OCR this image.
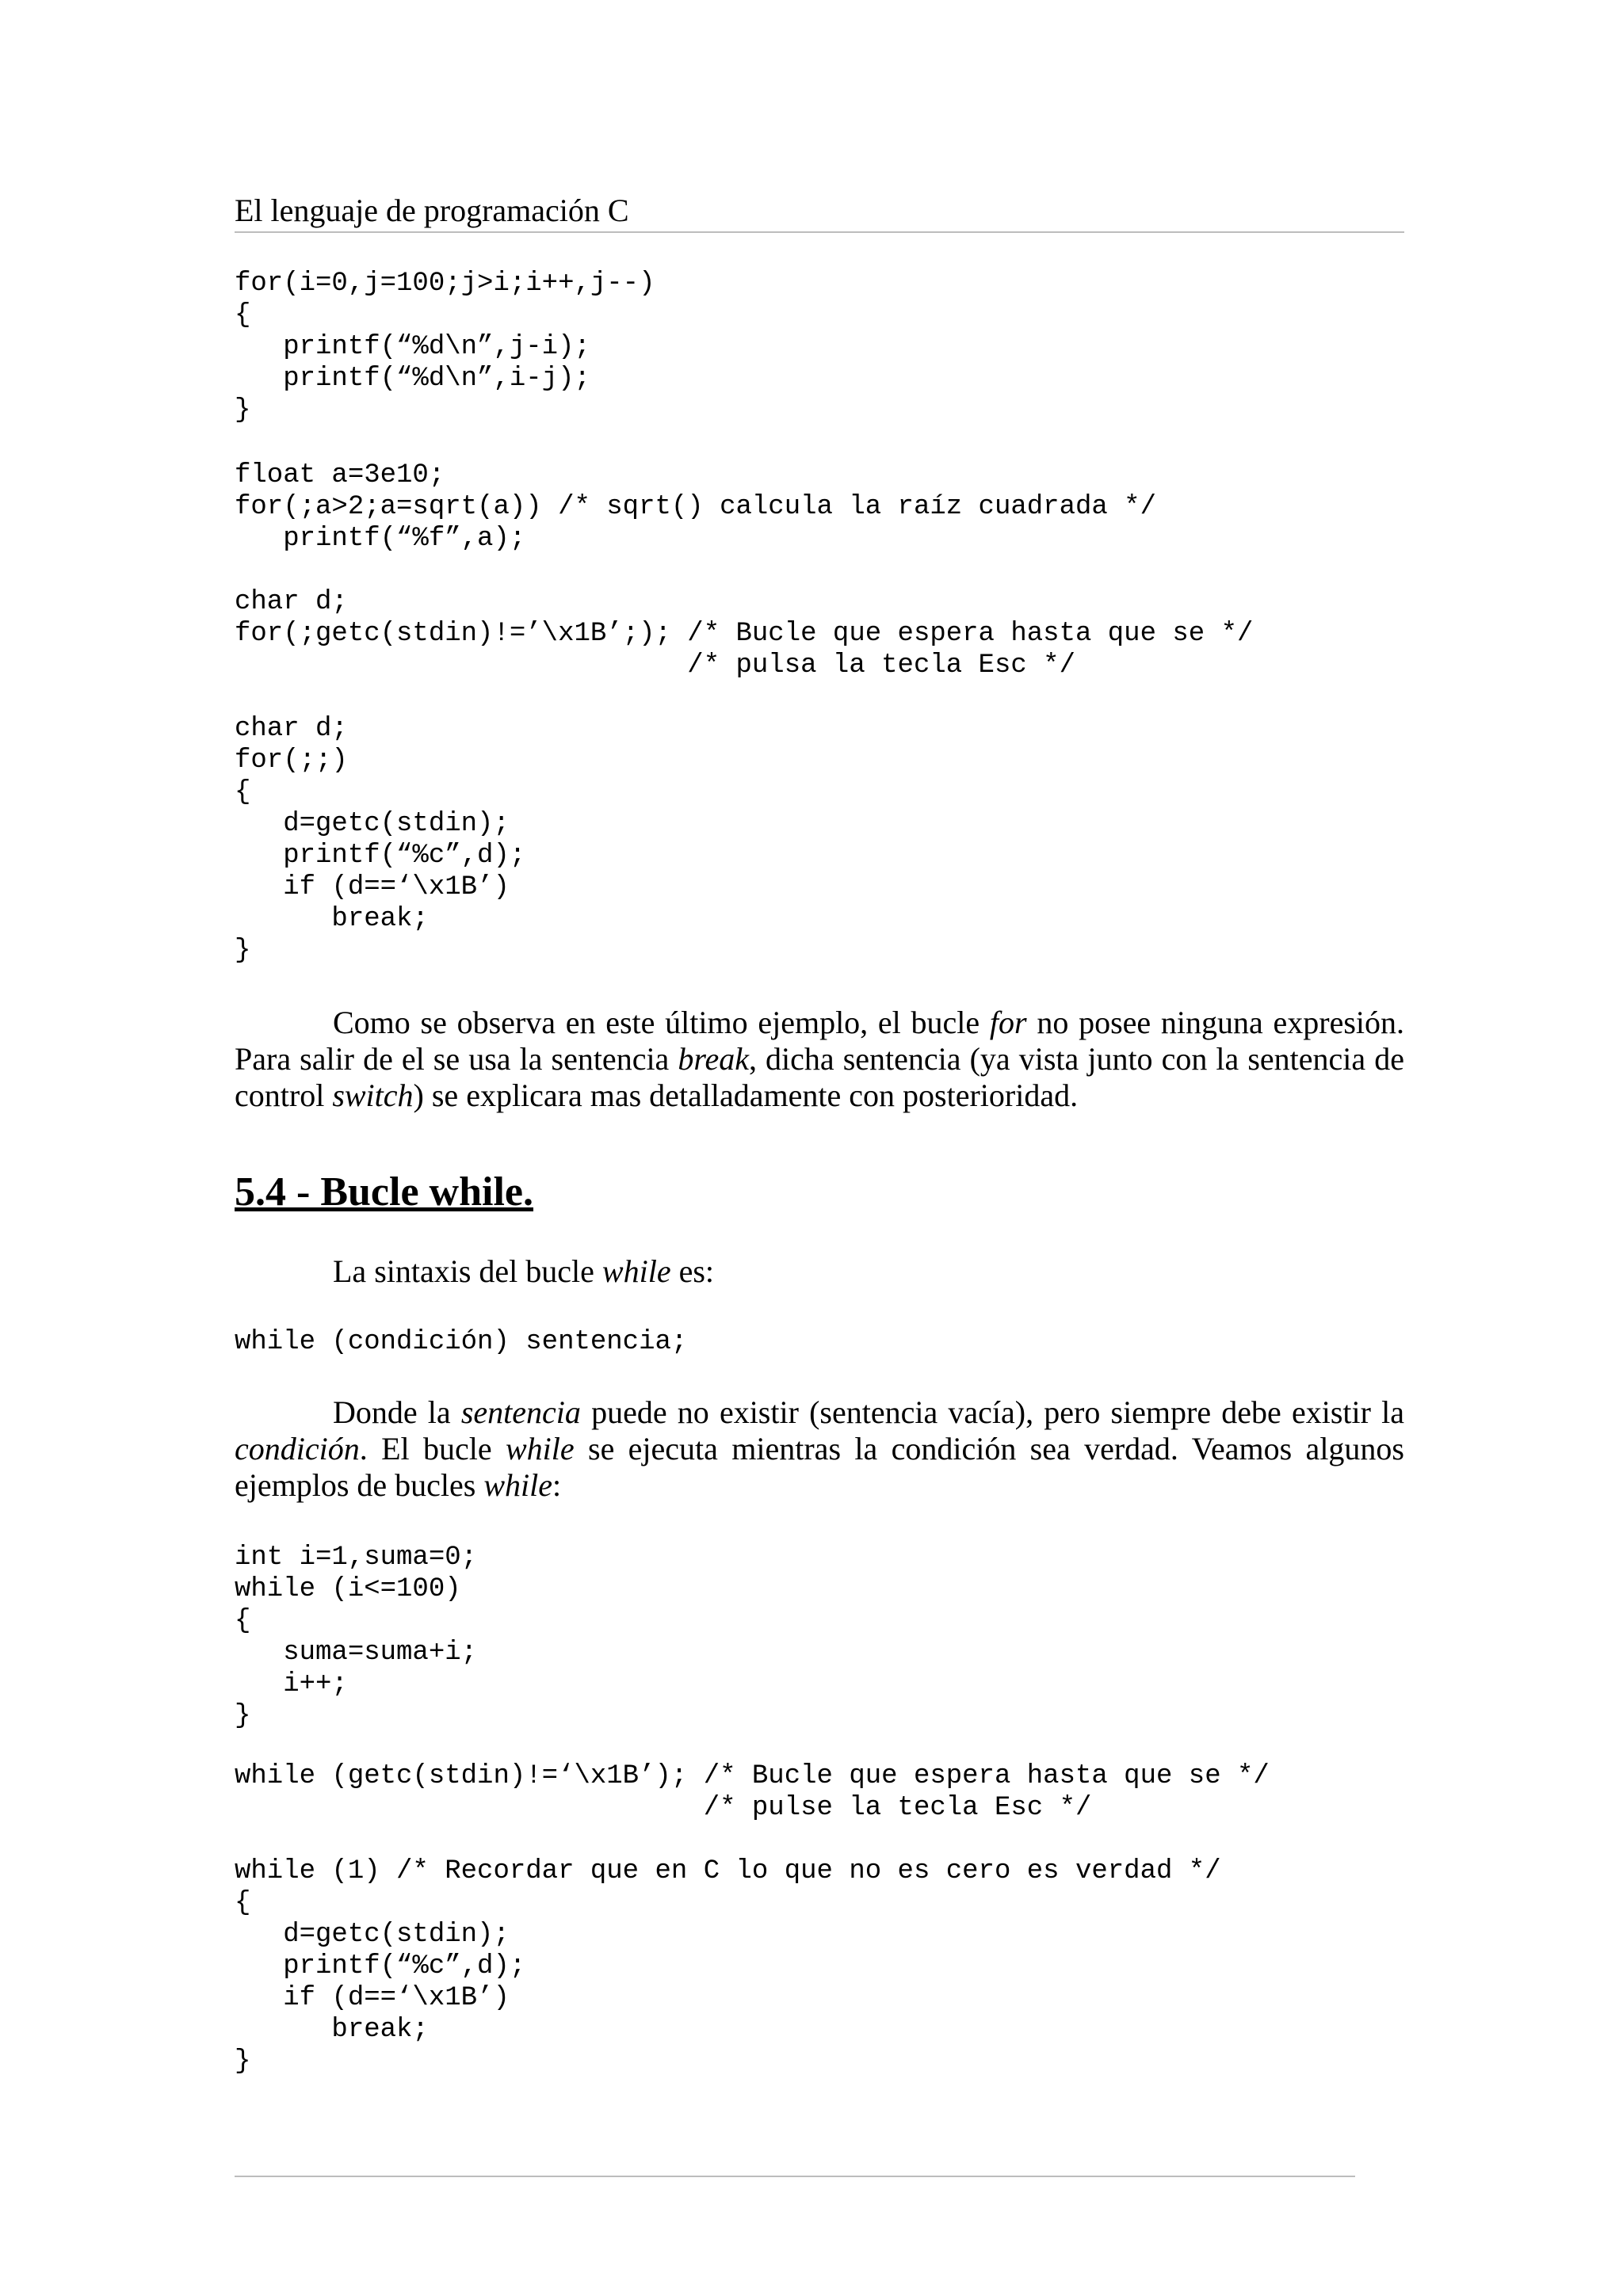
El lenguaje de programación C
for(i=0,j=100;j>i;i++,j--)
{
printf(“%d\n”,j-i);
printf(“%d\n”,i-j);
}
float a=3e10;
for(;a>2;a=sqrt(a)) /* sqrt() calcula la raíz cuadrada */
printf(“%f”,a);
char d;
for(;getc(stdin)!=’\x1B’;); /* Bucle que espera hasta que se */
/* pulsa la tecla Esc */
char d;
for(;;)
{
d=getc(stdin);
printf(“%c”,d);
if (d==‘\x1B’)
break;
}

Como se observa en este último ejemplo, el bucle for no posee ninguna expresión. Para salir de el se usa la sentencia break, dicha sentencia (ya vista junto con la sentencia de control switch) se explicara mas detalladamente con posterioridad.

5.4 - Bucle while.

La sintaxis del bucle while es:

while (condición) sentencia;

Donde la sentencia puede no existir (sentencia vacía), pero siempre debe existir la condición. El bucle while se ejecuta mientras la condición sea verdad. Veamos algunos ejemplos de bucles while:

int i=1,suma=0;
while (i<=100)
{
suma=suma+i;
i++;
}
while (getc(stdin)!=‘\x1B’); /* Bucle que espera hasta que se */
/* pulse la tecla Esc */
while (1) /* Recordar que en C lo que no es cero es verdad */
{
d=getc(stdin);
printf(“%c”,d);
if (d==‘\x1B’)
break;
}
